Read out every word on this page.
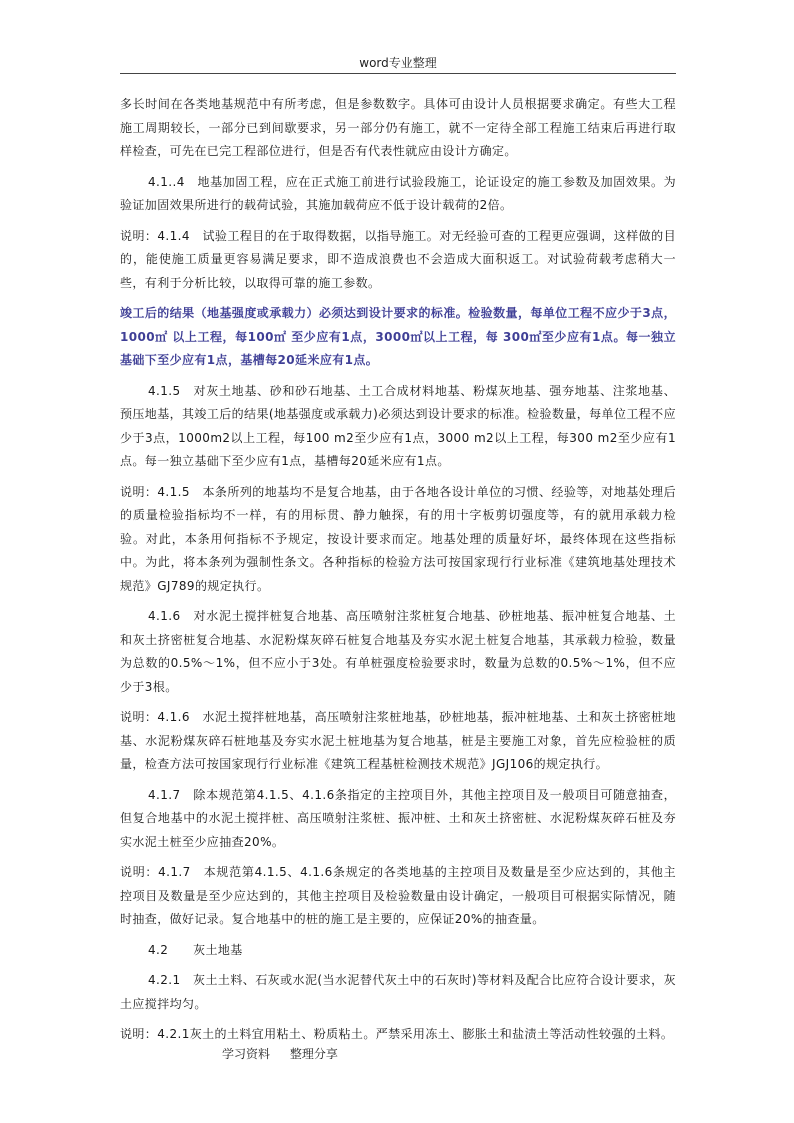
word专业整理

多长时间在各类地基规范中有所考虑，但是参数数字。具体可由设计人员根据要求确定。有些大工程施工周期较长，一部分已到间歇要求，另一部分仍有施工，就不一定待全部工程施工结束后再进行取样检查，可先在已完工程部位进行，但是否有代表性就应由设计方确定。

4.1..4　地基加固工程，应在正式施工前进行试验段施工，论证设定的施工参数及加固效果。为验证加固效果所进行的载荷试验，其施加载荷应不低于设计载荷的2倍。

说明：4.1.4　试验工程目的在于取得数据，以指导施工。对无经验可查的工程更应强调，这样做的目的，能使施工质量更容易满足要求，即不造成浪费也不会造成大面积返工。对试验荷载考虑稍大一些，有利于分析比较，以取得可靠的施工参数。

竣工后的结果（地基强度或承载力）必须达到设计要求的标准。检验数量，每单位工程不应少于3点，1000㎡ 以上工程，每100㎡ 至少应有1点，3000㎡以上工程，每 300㎡至少应有1点。每一独立基础下至少应有1点，基槽每20延米应有1点。

4.1.5　对灰土地基、砂和砂石地基、土工合成材料地基、粉煤灰地基、强夯地基、注浆地基、预压地基，其竣工后的结果(地基强度或承载力)必须达到设计要求的标准。检验数量，每单位工程不应少于3点，1000m2以上工程，每100 m2至少应有1点，3000 m2以上工程，每300 m2至少应有1点。每一独立基础下至少应有1点，基槽每20延米应有1点。

说明：4.1.5　本条所列的地基均不是复合地基，由于各地各设计单位的习惯、经验等，对地基处理后的质量检验指标均不一样，有的用标贯、静力触探，有的用十字板剪切强度等，有的就用承载力检验。对此，本条用何指标不予规定，按设计要求而定。地基处理的质量好坏，最终体现在这些指标中。为此，将本条列为强制性条文。各种指标的检验方法可按国家现行行业标准《建筑地基处理技术规范》GJ789的规定执行。

4.1.6　对水泥土搅拌桩复合地基、高压喷射注浆桩复合地基、砂桩地基、振冲桩复合地基、土和灰土挤密桩复合地基、水泥粉煤灰碎石桩复合地基及夯实水泥土桩复合地基，其承载力检验，数量为总数的0.5%～1%，但不应小于3处。有单桩强度检验要求时，数量为总数的0.5%～1%，但不应少于3根。

说明：4.1.6　水泥土搅拌桩地基，高压喷射注浆桩地基，砂桩地基，振冲桩地基、土和灰土挤密桩地基、水泥粉煤灰碎石桩地基及夯实水泥土桩地基为复合地基，桩是主要施工对象，首先应检验桩的质量，检查方法可按国家现行行业标准《建筑工程基桩检测技术规范》JGJ106的规定执行。

4.1.7　除本规范第4.1.5、4.1.6条指定的主控项目外，其他主控项目及一般项目可随意抽查，但复合地基中的水泥土搅拌桩、高压喷射注浆桩、振冲桩、土和灰土挤密桩、水泥粉煤灰碎石桩及夯实水泥土桩至少应抽查20%。

说明：4.1.7　本规范第4.1.5、4.1.6条规定的各类地基的主控项目及数量是至少应达到的，其他主控项目及数量是至少应达到的，其他主控项目及检验数量由设计确定，一般项目可根据实际情况，随时抽查，做好记录。复合地基中的桩的施工是主要的，应保证20%的抽查量。

4.2　　灰土地基

4.2.1　灰土土料、石灰或水泥(当水泥替代灰土中的石灰时)等材料及配合比应符合设计要求，灰土应搅拌均匀。

说明：4.2.1灰土的土料宜用粘土、粉质粘土。严禁采用冻土、膨胀土和盐渍土等活动性较强的土料。

学习资料 整理分享
